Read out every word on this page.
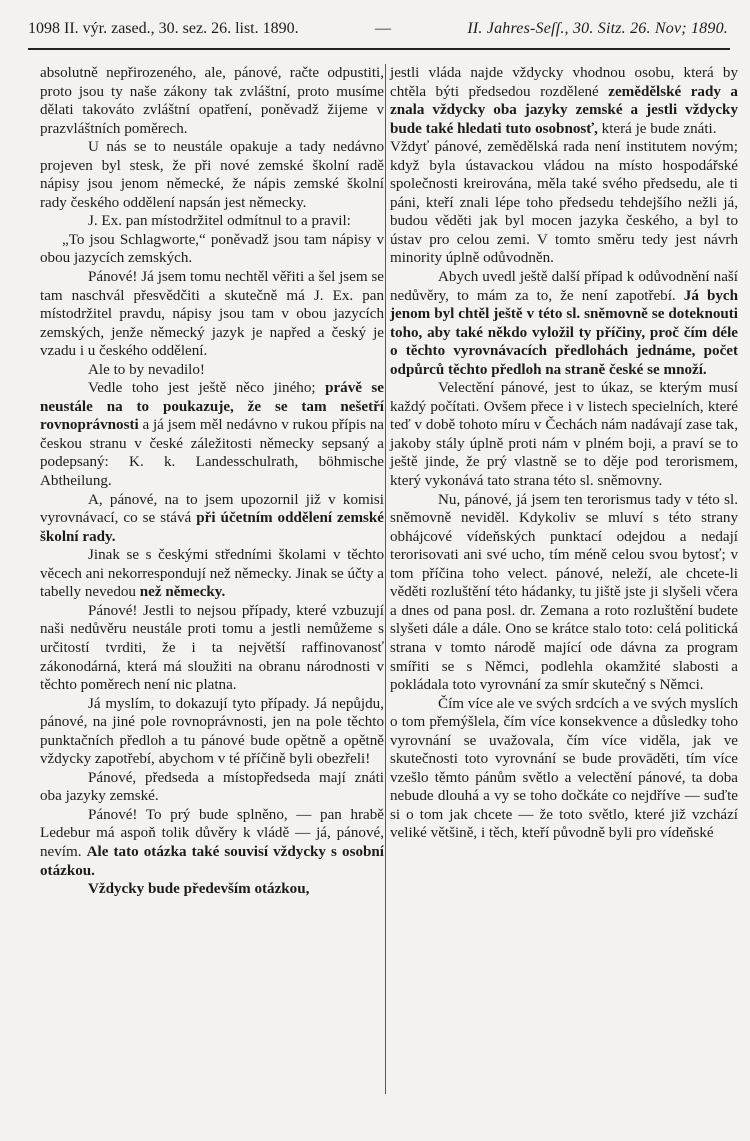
1098 II. výr. zased., 30. sez. 26. list. 1890.	—	II. Jahres-Seſſ., 30. Sitz. 26. Nov; 1890.

absolutně nepřirozeného, ale, pánové, račte odpustiti, proto jsou ty naše zákony tak zvláštní, proto musíme dělati takováto zvláštní opatření, poněvadž žijeme v prazvláštních poměrech.

U nás se to neustále opakuje a tady nedávno projeven byl stesk, že při nové zemské školní radě nápisy jsou jenom německé, že nápis zemské školní rady českého oddělení napsán jest německy.

J. Ex. pan místodržitel odmítnul to a pravil:

„To jsou Schlagworte,“ poněvadž jsou tam nápisy v obou jazycích zemských.

Pánové! Já jsem tomu nechtěl věřiti a šel jsem se tam naschvál přesvědčiti a skutečně má J. Ex. pan místodržitel pravdu, nápisy jsou tam v obou jazycích zemských, jenže německý jazyk je napřed a český je vzadu i u českého oddělení.

Ale to by nevadilo!

Vedle toho jest ještě něco jiného; právě se neustále na to poukazuje, že se tam nešetří rovnoprávnosti a já jsem měl nedávno v rukou přípis na českou stranu v české záležitosti německy sepsaný a podepsaný: K. k. Landesschulrath, böhmische Abtheilung.

A, pánové, na to jsem upozornil již v komisi vyrovnávací, co se stává při účetním oddělení zemské školní rady.

Jinak se s českými středními školami v těchto věcech ani nekorrespondují než německy. Jinak se účty a tabelly nevedou než německy.

Pánové! Jestli to nejsou případy, které vzbuzují naši nedůvěru neustále proti tomu a jestli nemůžeme s určitostí tvrditi, že i ta největší raffinovanosť zákonodárná, která má sloužiti na obranu národnosti v těchto poměrech není nic platna.

Já myslím, to dokazují tyto případy. Já nepůjdu, pánové, na jiné pole rovnoprávnosti, jen na pole těchto punktačních předloh a tu pánové bude opětně a opětně vždycky zapotřebí, abychom v té příčině byli obezřeli!

Pánové, předseda a místopředseda mají znáti oba jazyky zemské.

Pánové! To prý bude splněno, — pan hrabě Ledebur má aspoň tolik důvěry k vládě — já, pánové, nevím. Ale tato otázka také souvisí vždycky s osobní otázkou.

Vždycky bude především otázkou,

jestli vláda najde vždycky vhodnou osobu, která by chtěla býti předsedou rozdělené zemědělské rady a znala vždycky oba jazyky zemské a jestli vždycky bude také hledati tuto osobnosť, která je bude znáti.

Vždyť pánové, zemědělská rada není institutem novým; když byla ústavackou vládou na místo hospodářské společnosti kreirována, měla také svého předsedu, ale ti páni, kteří znali lépe toho předsedu tehdejšího nežli já, budou věděti jak byl mocen jazyka českého, a byl to ústav pro celou zemi. V tomto směru tedy jest návrh minority úplně odůvodněn.

Abych uvedl ještě další případ k odůvodnění naší nedůvěry, to mám za to, že není zapotřebí. Já bych jenom byl chtěl ještě v této sl. sněmovně se doteknouti toho, aby také někdo vyložil ty příčiny, proč čím déle o těchto vyrovnávacích předlohách jednáme, počet odpůrců těchto předloh na straně české se množí.

Velectění pánové, jest to úkaz, se kterým musí každý počítati. Ovšem přece i v listech specielních, které teď v době tohoto míru v Čechách nám nadávají zase tak, jakoby stály úplně proti nám v plném boji, a praví se to ještě jinde, že prý vlastně se to děje pod terorismem, který vykonává tato strana této sl. sněmovny.

Nu, pánové, já jsem ten terorismus tady v této sl. sněmovně neviděl. Kdykoliv se mluví s této strany obhájcové vídeňských punktací odejdou a nedají terorisovati ani své ucho, tím méně celou svou bytosť; v tom příčina toho velect. pánové, neleží, ale chcete-li věděti rozluštění této hádanky, tu jiště jste ji slyšeli včera a dnes od pana posl. dr. Zemana a roto rozluštění budete slyšeti dále a dále. Ono se krátce stalo toto: celá politická strana v tomto národě mající ode dávna za program smířiti se s Němci, podlehla okamžité slabosti a pokládala toto vyrovnání za smír skutečný s Němci.

Čím více ale ve svých srdcích a ve svých myslích o tom přemýšlela, čím více konsekvence a důsledky toho vyrovnání se uvažovala, čím více viděla, jak ve skutečnosti toto vyrovnání se bude provāděti, tím více vzešlo těmto pánům světlo a velectění pánové, ta doba nebude dlouhá a vy se toho dočkáte co nejdříve — suďte si o tom jak chcete — že toto světlo, které již vzchází veliké většině, i těch, kteří původně byli pro vídeňské
